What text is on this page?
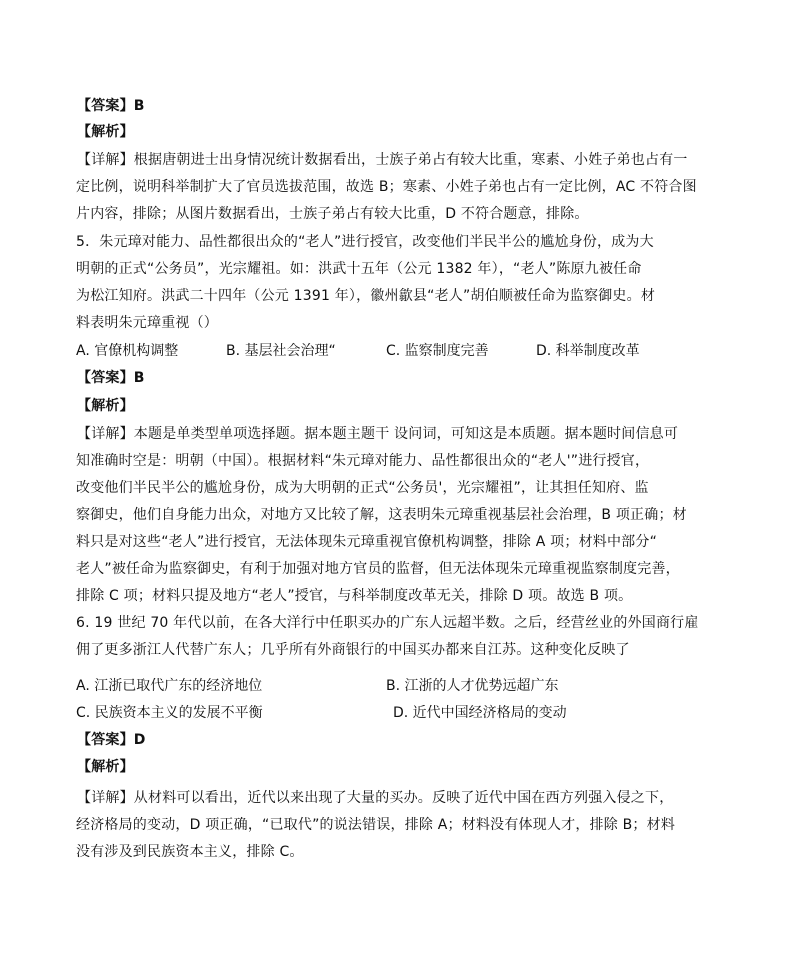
【答案】B
【解析】
【详解】根据唐朝进士出身情况统计数据看出，士族子弟占有较大比重，寒素、小姓子弟也占有一
定比例，说明科举制扩大了官员选拔范围，故选 B；寒素、小姓子弟也占有一定比例，AC 不符合图
片内容，排除；从图片数据看出，士族子弟占有较大比重，D 不符合题意，排除。
5．朱元璋对能力、品性都很出众的“老人”进行授官，改变他们半民半公的尴尬身份，成为大
明朝的正式“公务员”，光宗耀祖。如：洪武十五年（公元 1382 年），“老人”陈原九被任命
为松江知府。洪武二十四年（公元 1391 年），徽州歙县“老人”胡伯顺被任命为监察御史。材
料表明朱元璋重视（）
A. 官僚机构调整	B. 基层社会治理“	C. 监察制度完善	D. 科举制度改革
【答案】B
【解析】
【详解】本题是单类型单项选择题。据本题主题干 设问词，可知这是本质题。据本题时间信息可
知准确时空是：明朝（中国）。根据材料“朱元璋对能力、品性都很出众的“老人'”进行授官，
改变他们半民半公的尴尬身份，成为大明朝的正式“公务员'，光宗耀祖”，让其担任知府、监
察御史，他们自身能力出众，对地方又比较了解，这表明朱元璋重视基层社会治理，B 项正确；材
料只是对这些“老人”进行授官，无法体现朱元璋重视官僚机构调整，排除 A 项；材料中部分“
老人”被任命为监察御史，有利于加强对地方官员的监督，但无法体现朱元璋重视监察制度完善，
排除 C 项；材料只提及地方“老人”授官，与科举制度改革无关，排除 D 项。故选 B 项。
6. 19 世纪 70 年代以前，在各大洋行中任职买办的广东人远超半数。之后，经营丝业的外国商行雇
佣了更多浙江人代替广东人；几乎所有外商银行的中国买办都来自江苏。这种变化反映了
A. 江浙已取代广东的经济地位	B. 江浙的人才优势远超广东
C. 民族资本主义的发展不平衡	D. 近代中国经济格局的变动
【答案】D
【解析】
【详解】从材料可以看出，近代以来出现了大量的买办。反映了近代中国在西方列强入侵之下，
经济格局的变动，D 项正确，“已取代”的说法错误，排除 A；材料没有体现人才，排除 B；材料
没有涉及到民族资本主义，排除 C。
